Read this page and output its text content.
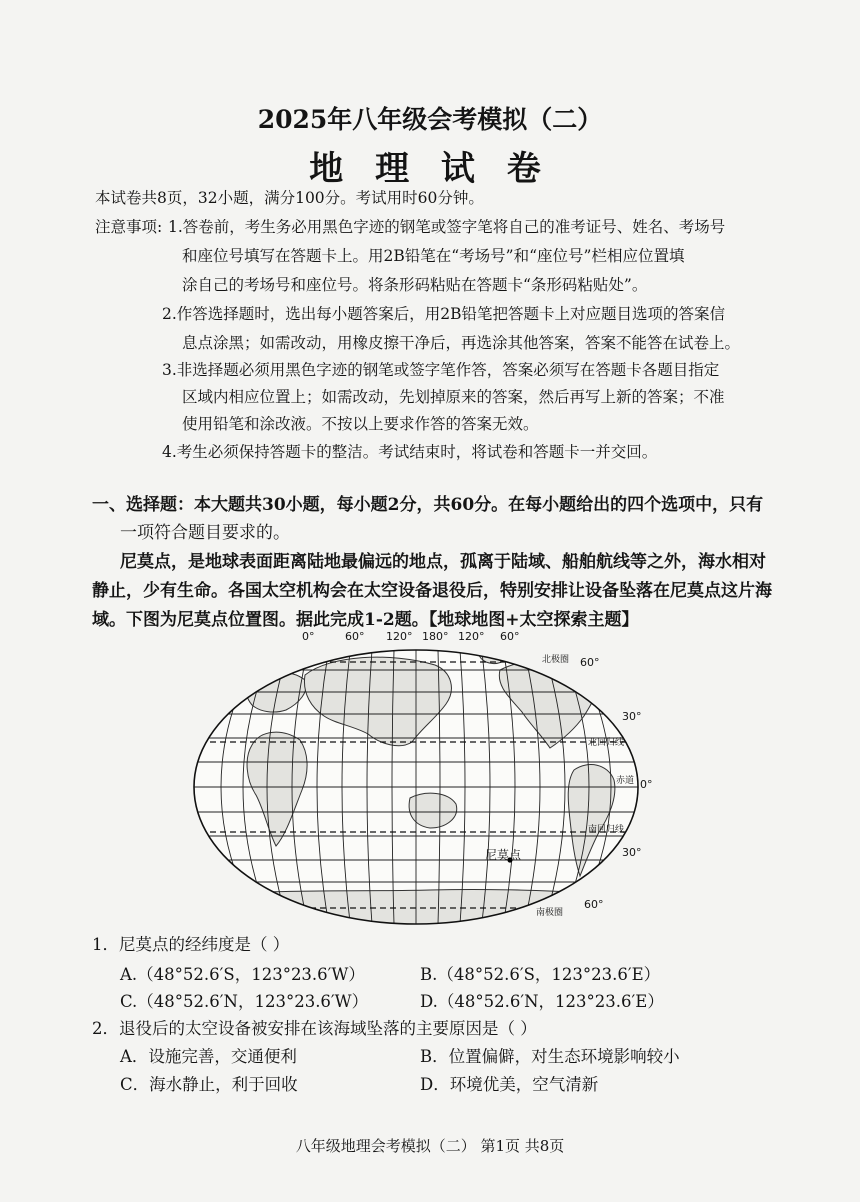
2025年八年级会考模拟（二）
地 理 试 卷
本试卷共8页，32小题，满分100分。考试用时60分钟。
注意事项: 1.答卷前，考生务必用黑色字迹的钢笔或签字笔将自己的准考证号、姓名、考场号
和座位号填写在答题卡上。用2B铅笔在“考场号”和“座位号”栏相应位置填
涂自己的考场号和座位号。将条形码粘贴在答题卡“条形码粘贴处”。
2.作答选择题时，选出每小题答案后，用2B铅笔把答题卡上对应题目选项的答案信
息点涂黑；如需改动，用橡皮擦干净后，再选涂其他答案，答案不能答在试卷上。
3.非选择题必须用黑色字迹的钢笔或签字笔作答，答案必须写在答题卡各题目指定
区域内相应位置上；如需改动，先划掉原来的答案，然后再写上新的答案；不准
使用铅笔和涂改液。不按以上要求作答的答案无效。
4.考生必须保持答题卡的整洁。考试结束时，将试卷和答题卡一并交回。
一、选择题：本大题共30小题，每小题2分，共60分。在每小题给出的四个选项中，只有
一项符合题目要求的。
尼莫点，是地球表面距离陆地最偏远的地点，孤离于陆域、船舶航线等之外，海水相对
静止，少有生命。各国太空机构会在太空设备退役后，特别安排让设备坠落在尼莫点这片海
域。下图为尼莫点位置图。据此完成1-2题。【地球地图+太空探索主题】
0°	60° 120° 180° 120° 60°
60°
30°
0°
30°
60°
北极圈
北回归线
赤道
南回归线
南极圈
尼莫点
1．尼莫点的经纬度是（ ）
A.（48°52.6′S，123°23.6′W）	B.（48°52.6′S，123°23.6′E）
C.（48°52.6′N，123°23.6′W）	D.（48°52.6′N，123°23.6′E）
2．退役后的太空设备被安排在该海域坠落的主要原因是（ ）
A．设施完善，交通便利	B．位置偏僻，对生态环境影响较小
C．海水静止，利于回收	D．环境优美，空气清新
八年级地理会考模拟（二） 第1页 共8页
